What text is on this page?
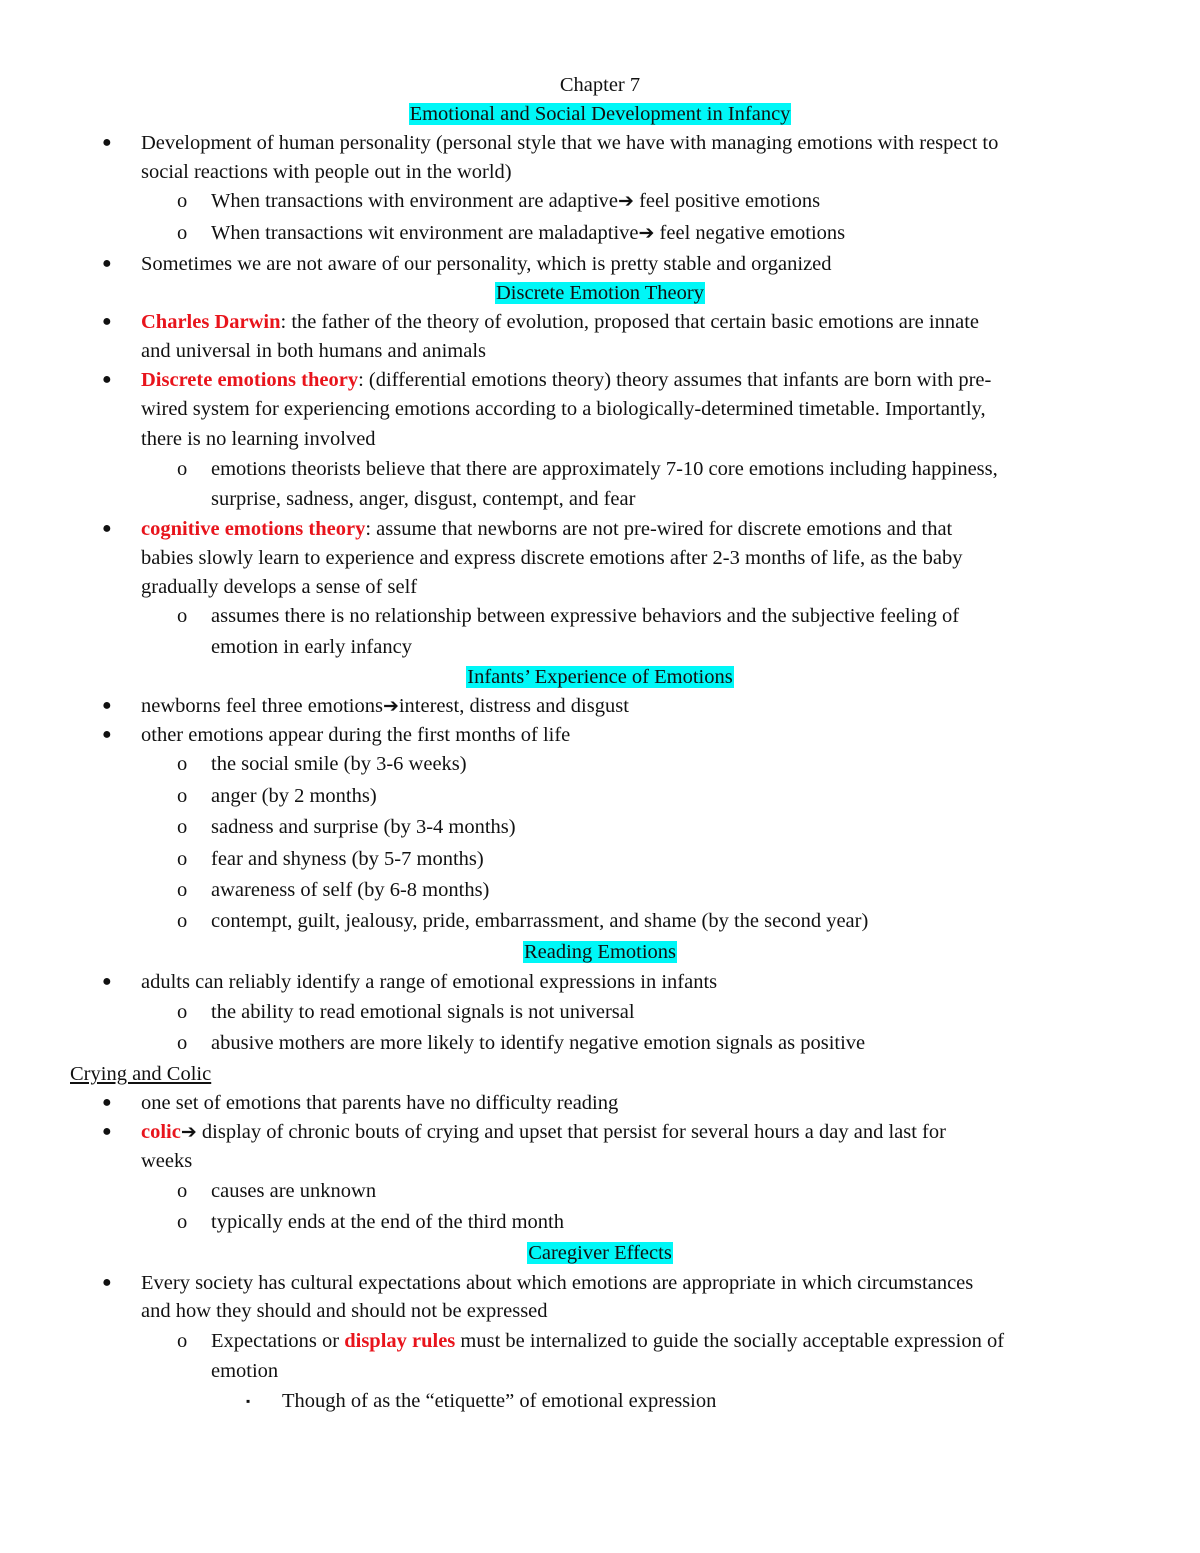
Chapter 7
Emotional and Social Development in Infancy
● Development of human personality (personal style that we have with managing emotions with respect to
social reactions with people out in the world)
o When transactions with environment are adaptive➔ feel positive emotions
o When transactions wit environment are maladaptive➔ feel negative emotions
● Sometimes we are not aware of our personality, which is pretty stable and organized
Discrete Emotion Theory
● Charles Darwin: the father of the theory of evolution, proposed that certain basic emotions are innate
and universal in both humans and animals
● Discrete emotions theory: (differential emotions theory) theory assumes that infants are born with pre-
wired system for experiencing emotions according to a biologically-determined timetable. Importantly,
there is no learning involved
o emotions theorists believe that there are approximately 7-10 core emotions including happiness,
surprise, sadness, anger, disgust, contempt, and fear
● cognitive emotions theory: assume that newborns are not pre-wired for discrete emotions and that
babies slowly learn to experience and express discrete emotions after 2-3 months of life, as the baby
gradually develops a sense of self
o assumes there is no relationship between expressive behaviors and the subjective feeling of
emotion in early infancy
Infants’ Experience of Emotions
● newborns feel three emotions➔interest, distress and disgust
● other emotions appear during the first months of life
o the social smile (by 3-6 weeks)
o anger (by 2 months)
o sadness and surprise (by 3-4 months)
o fear and shyness (by 5-7 months)
o awareness of self (by 6-8 months)
o contempt, guilt, jealousy, pride, embarrassment, and shame (by the second year)
Reading Emotions
● adults can reliably identify a range of emotional expressions in infants
o the ability to read emotional signals is not universal
o abusive mothers are more likely to identify negative emotion signals as positive
Crying and Colic
● one set of emotions that parents have no difficulty reading
● colic➔ display of chronic bouts of crying and upset that persist for several hours a day and last for
weeks
o causes are unknown
o typically ends at the end of the third month
Caregiver Effects
● Every society has cultural expectations about which emotions are appropriate in which circumstances
and how they should and should not be expressed
o Expectations or display rules must be internalized to guide the socially acceptable expression of
emotion
▪ Though of as the “etiquette” of emotional expression
